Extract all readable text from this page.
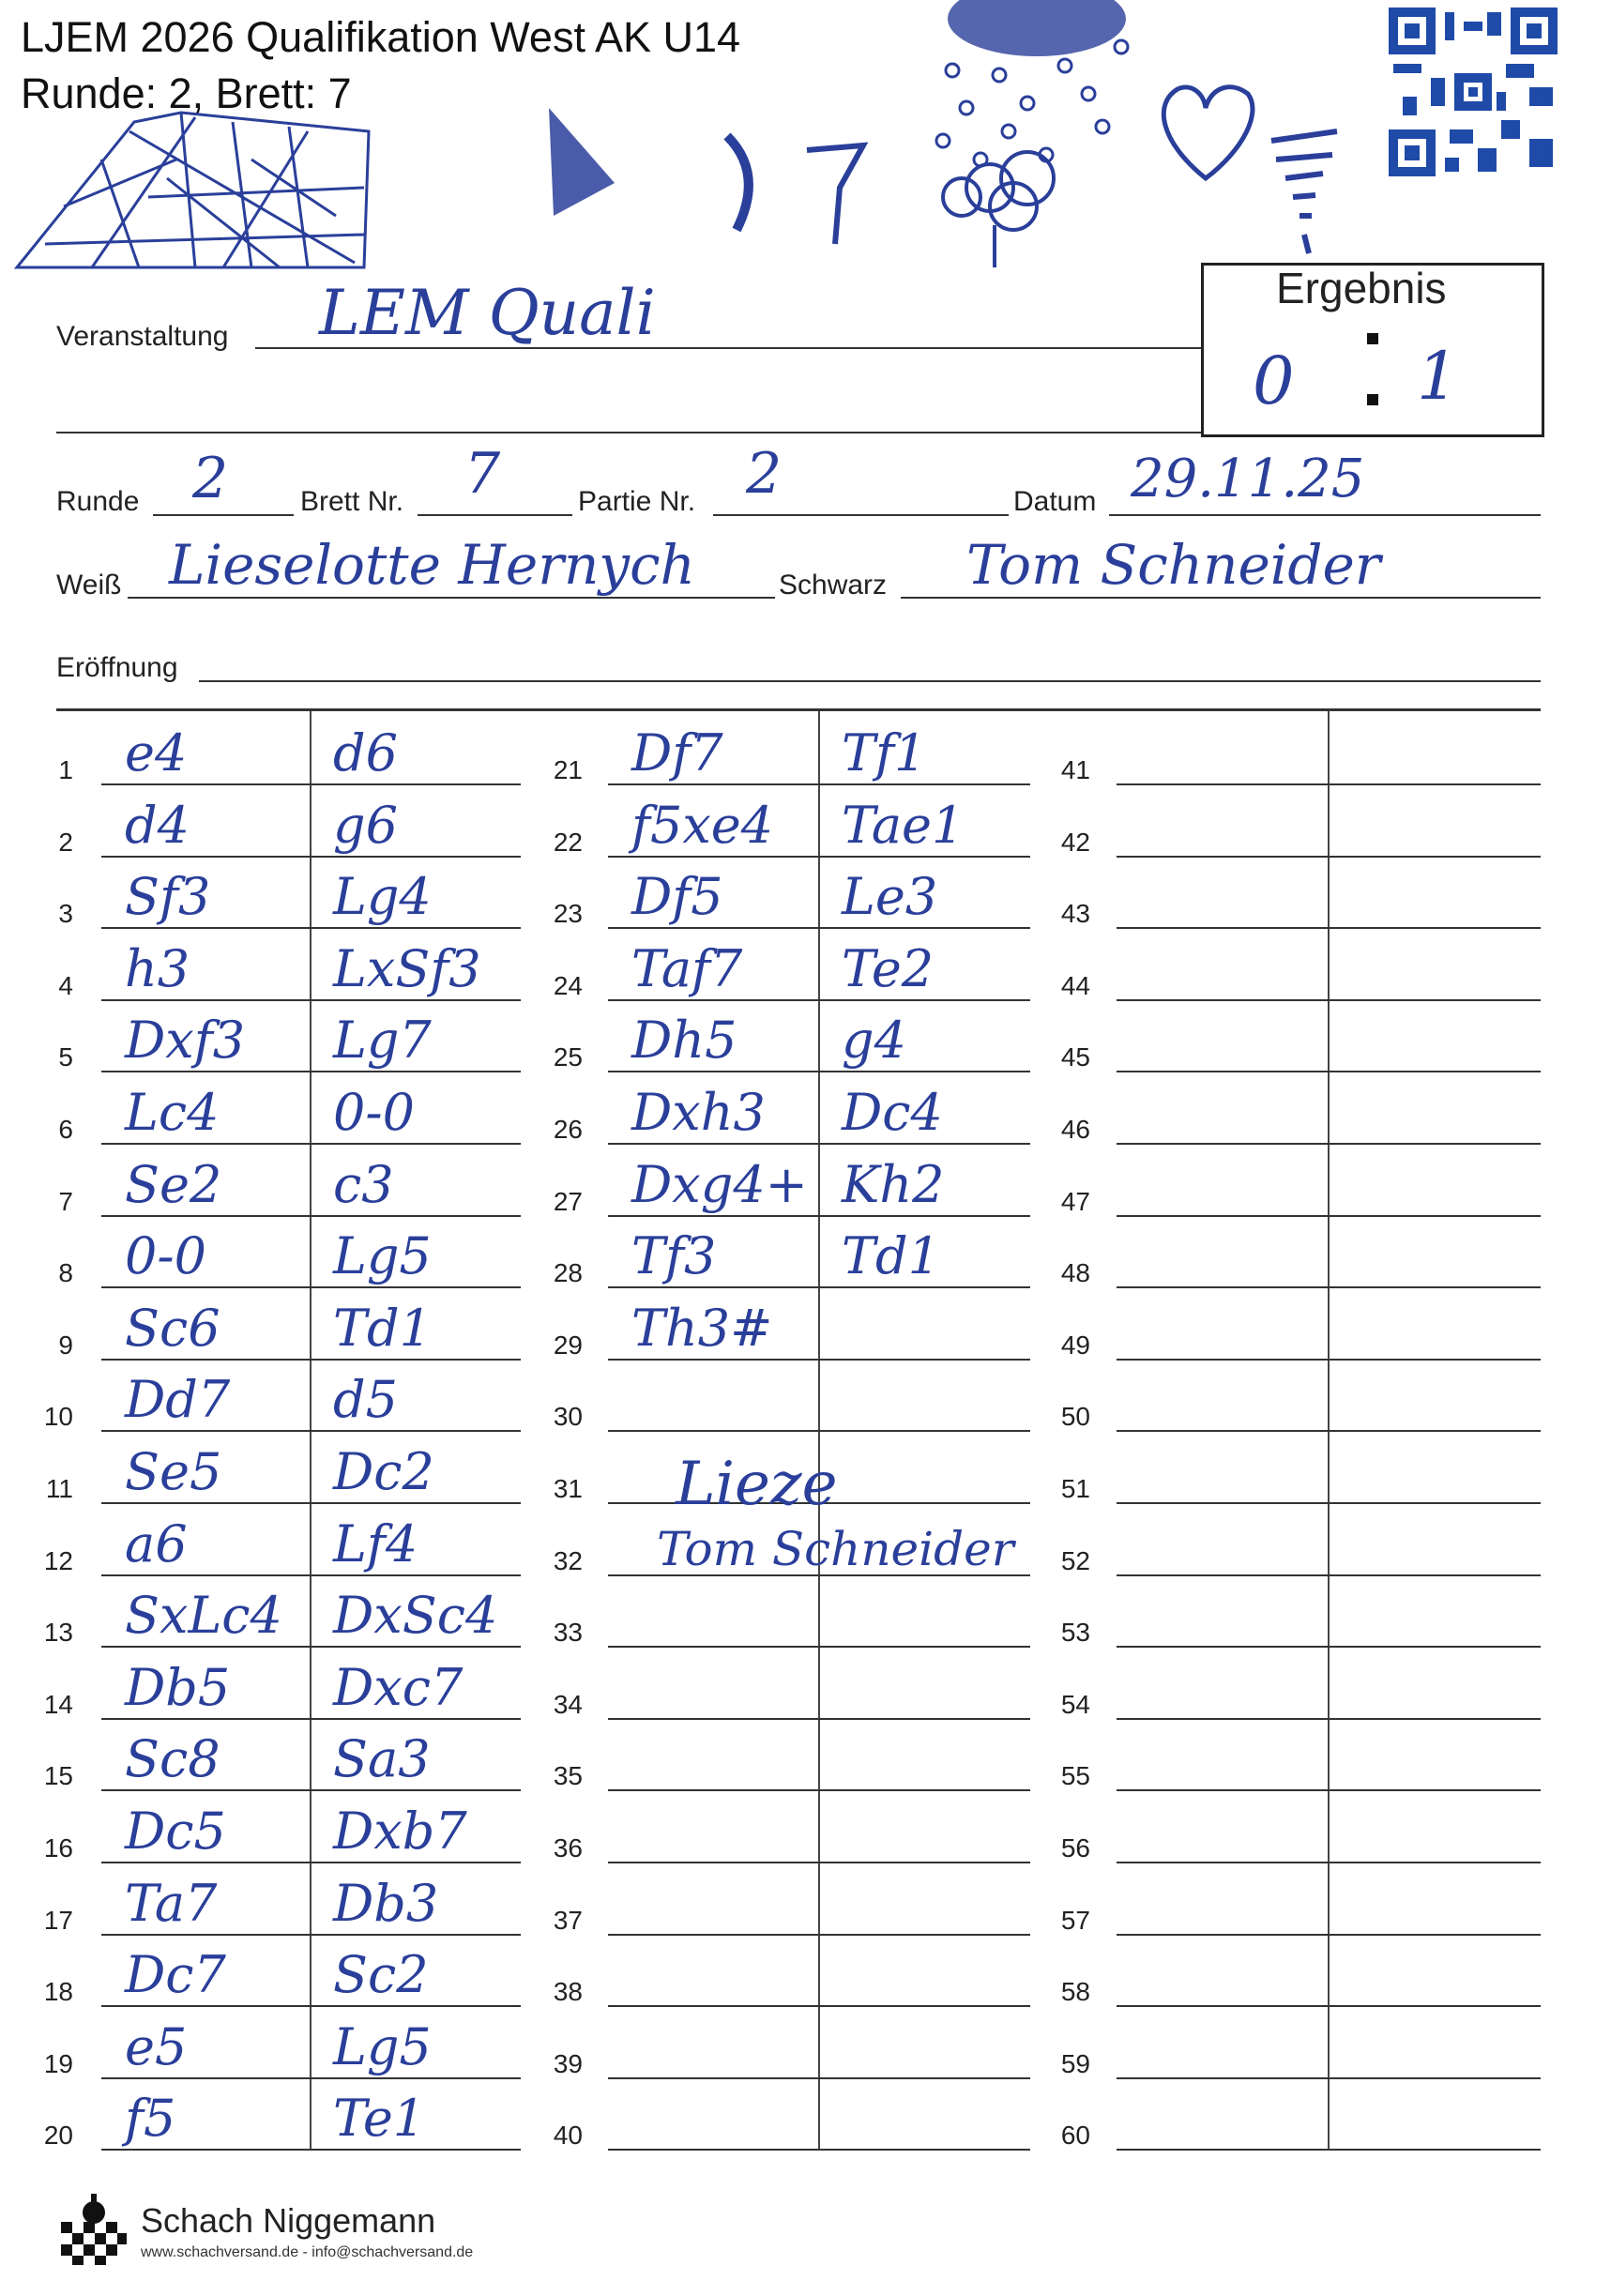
LJEM 2026 Qualifikation West AK U14
Runde: 2, Brett: 7
Ergebnis
0 1
Veranstaltung LEM Quali
Runde 2	Brett Nr. 7	Partie Nr. 2	Datum 29.11.25
Weiß Lieselotte Hernych	Schwarz Tom Schneider
Eröffnung
1 e4	d6
2 d4	g6
3 Sf3 Lg4
4 h3	LxSf3
5 Dxf3 Lg7
6 Lc4 0-0
7 Se2 c3
8 0-0	Lg5
9 Sc6 Td1
10 Dd7 d5
11 Se5 Dc2
12 a6	Lf4
13 SxLc4 DxSc4
14 Db5 Dxc7
15 Sc8 Sa3
16 Dc5 Dxb7
17 Ta7 Db3
18 Dc7 Sc2
19 e5	Lg5
20 f5	Te1
21 Df7 Tf1
22 f5xe4 Tae1
23 Df5 Le3
24 Taf7 Te2
25 Dh5 g4
26 Dxh3 Dc4
27 Dxg4+ Kh2
28 Tf3 Td1
29 Th3#
30
31
32
33
34
35
36
37
38
39
40
41
42
43
44
45
46
47
48
49
50
51
52
53
54
55
56
57
58
59
60
Lieze
Tom Schneider
Schach Niggemann
www.schachversand.de - info@schachversand.de
